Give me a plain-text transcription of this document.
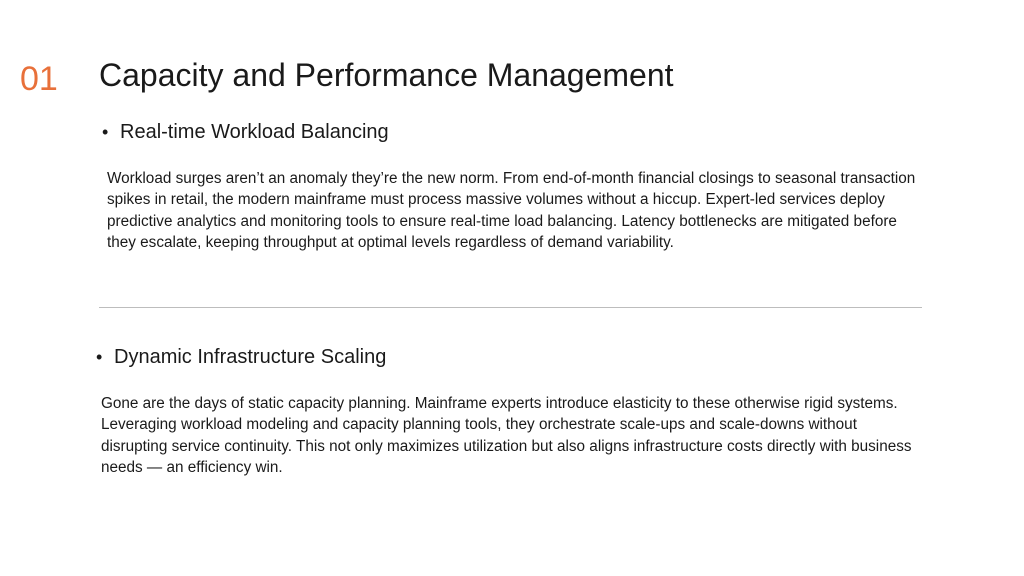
01 Capacity and Performance Management
• Real-time Workload Balancing

Workload surges aren’t an anomaly they’re the new norm. From end-of-month financial closings to seasonal transaction spikes in retail, the modern mainframe must process massive volumes without a hiccup. Expert-led services deploy predictive analytics and monitoring tools to ensure real-time load balancing. Latency bottlenecks are mitigated before they escalate, keeping throughput at optimal levels regardless of demand variability.

• Dynamic Infrastructure Scaling

Gone are the days of static capacity planning. Mainframe experts introduce elasticity to these otherwise rigid systems. Leveraging workload modeling and capacity planning tools, they orchestrate scale-ups and scale-downs without disrupting service continuity. This not only maximizes utilization but also aligns infrastructure costs directly with business needs — an efficiency win.
